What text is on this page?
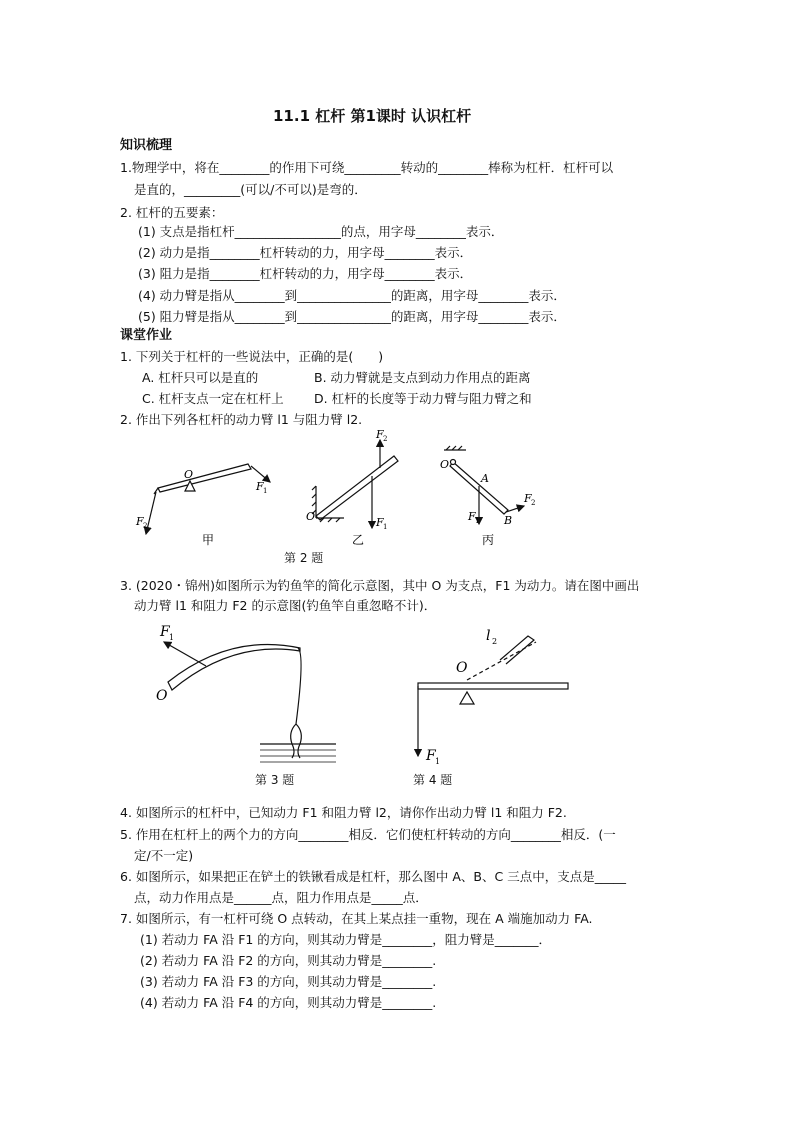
11.1 杠杆 第1课时 认识杠杆
知识梳理
1.物理学中，将在________的作用下可绕_________转动的________棒称为杠杆．杠杆可以
是直的，_________(可以/不可以)是弯的．
2. 杠杆的五要素：
(1) 支点是指杠杆_________________的点，用字母________表示．
(2) 动力是指________杠杆转动的力，用字母________表示．
(3) 阻力是指________杠杆转动的力，用字母________表示．
(4) 动力臂是指从________到_______________的距离，用字母________表示．
(5) 阻力臂是指从________到_______________的距离，用字母________表示．
课堂作业
1. 下列关于杠杆的一些说法中，正确的是(　　)
A. 杠杆只可以是直的	B. 动力臂就是支点到动力作用点的距离
C. 杠杆支点一定在杠杆上 D. 杠杆的长度等于动力臂与阻力臂之和
2. 作出下列各杠杆的动力臂 l1 与阻力臂 l2.
O
F 1
F 2
甲
O
F 2
F 1
乙
O
A
B
F 1
F 2
丙
第 2 题
3. (2020・锦州)如图所示为钓鱼竿的简化示意图，其中 O 为支点，F1 为动力。请在图中画出
动力臂 l1 和阻力 F2 的示意图(钓鱼竿自重忽略不计)．
F 1
O
第 3 题
l 2
O
F 1
第 4 题
4. 如图所示的杠杆中，已知动力 F1 和阻力臂 l2，请你作出动力臂 l1 和阻力 F2.
5. 作用在杠杆上的两个力的方向________相反．它们使杠杆转动的方向________相反．(一
定/不一定)
6. 如图所示，如果把正在铲土的铁锹看成是杠杆，那么图中 A、B、C 三点中，支点是_____
点，动力作用点是______点，阻力作用点是_____点．
7. 如图所示，有一杠杆可绕 O 点转动，在其上某点挂一重物，现在 A 端施加动力 FA.
(1) 若动力 FA 沿 F1 的方向，则其动力臂是________，阻力臂是_______．
(2) 若动力 FA 沿 F2 的方向，则其动力臂是________.
(3) 若动力 FA 沿 F3 的方向，则其动力臂是________.
(4) 若动力 FA 沿 F4 的方向，则其动力臂是________.
